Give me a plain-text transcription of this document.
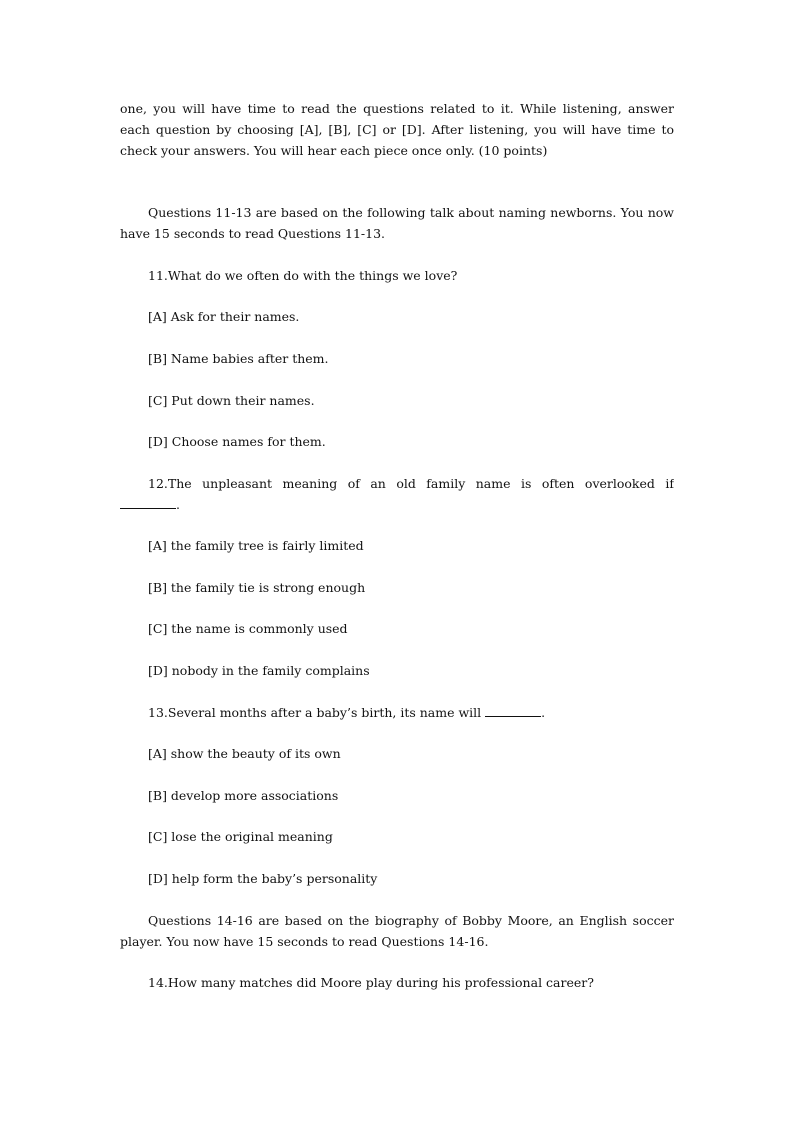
one, you will have time to read the questions related to it. While listening, answer each question by choosing [A], [B], [C] or [D]. After listening, you will have time to check your answers. You will hear each piece once only. (10 points)
Questions 11-13 are based on the following talk about naming newborns. You now have 15 seconds to read Questions 11-13.
11.What do we often do with the things we love?
[A] Ask for their names.
[B] Name babies after them.
[C] Put down their names.
[D] Choose names for them.
12.The unpleasant meaning of an old family name is often overlooked if
.
[A] the family tree is fairly limited
[B] the family tie is strong enough
[C] the name is commonly used
[D] nobody in the family complains
13.Several months after a baby’s birth, its name will	.
[A] show the beauty of its own
[B] develop more associations
[C] lose the original meaning
[D] help form the baby’s personality
Questions 14-16 are based on the biography of Bobby Moore, an English soccer player. You now have 15 seconds to read Questions 14-16.
14.How many matches did Moore play during his professional career?
